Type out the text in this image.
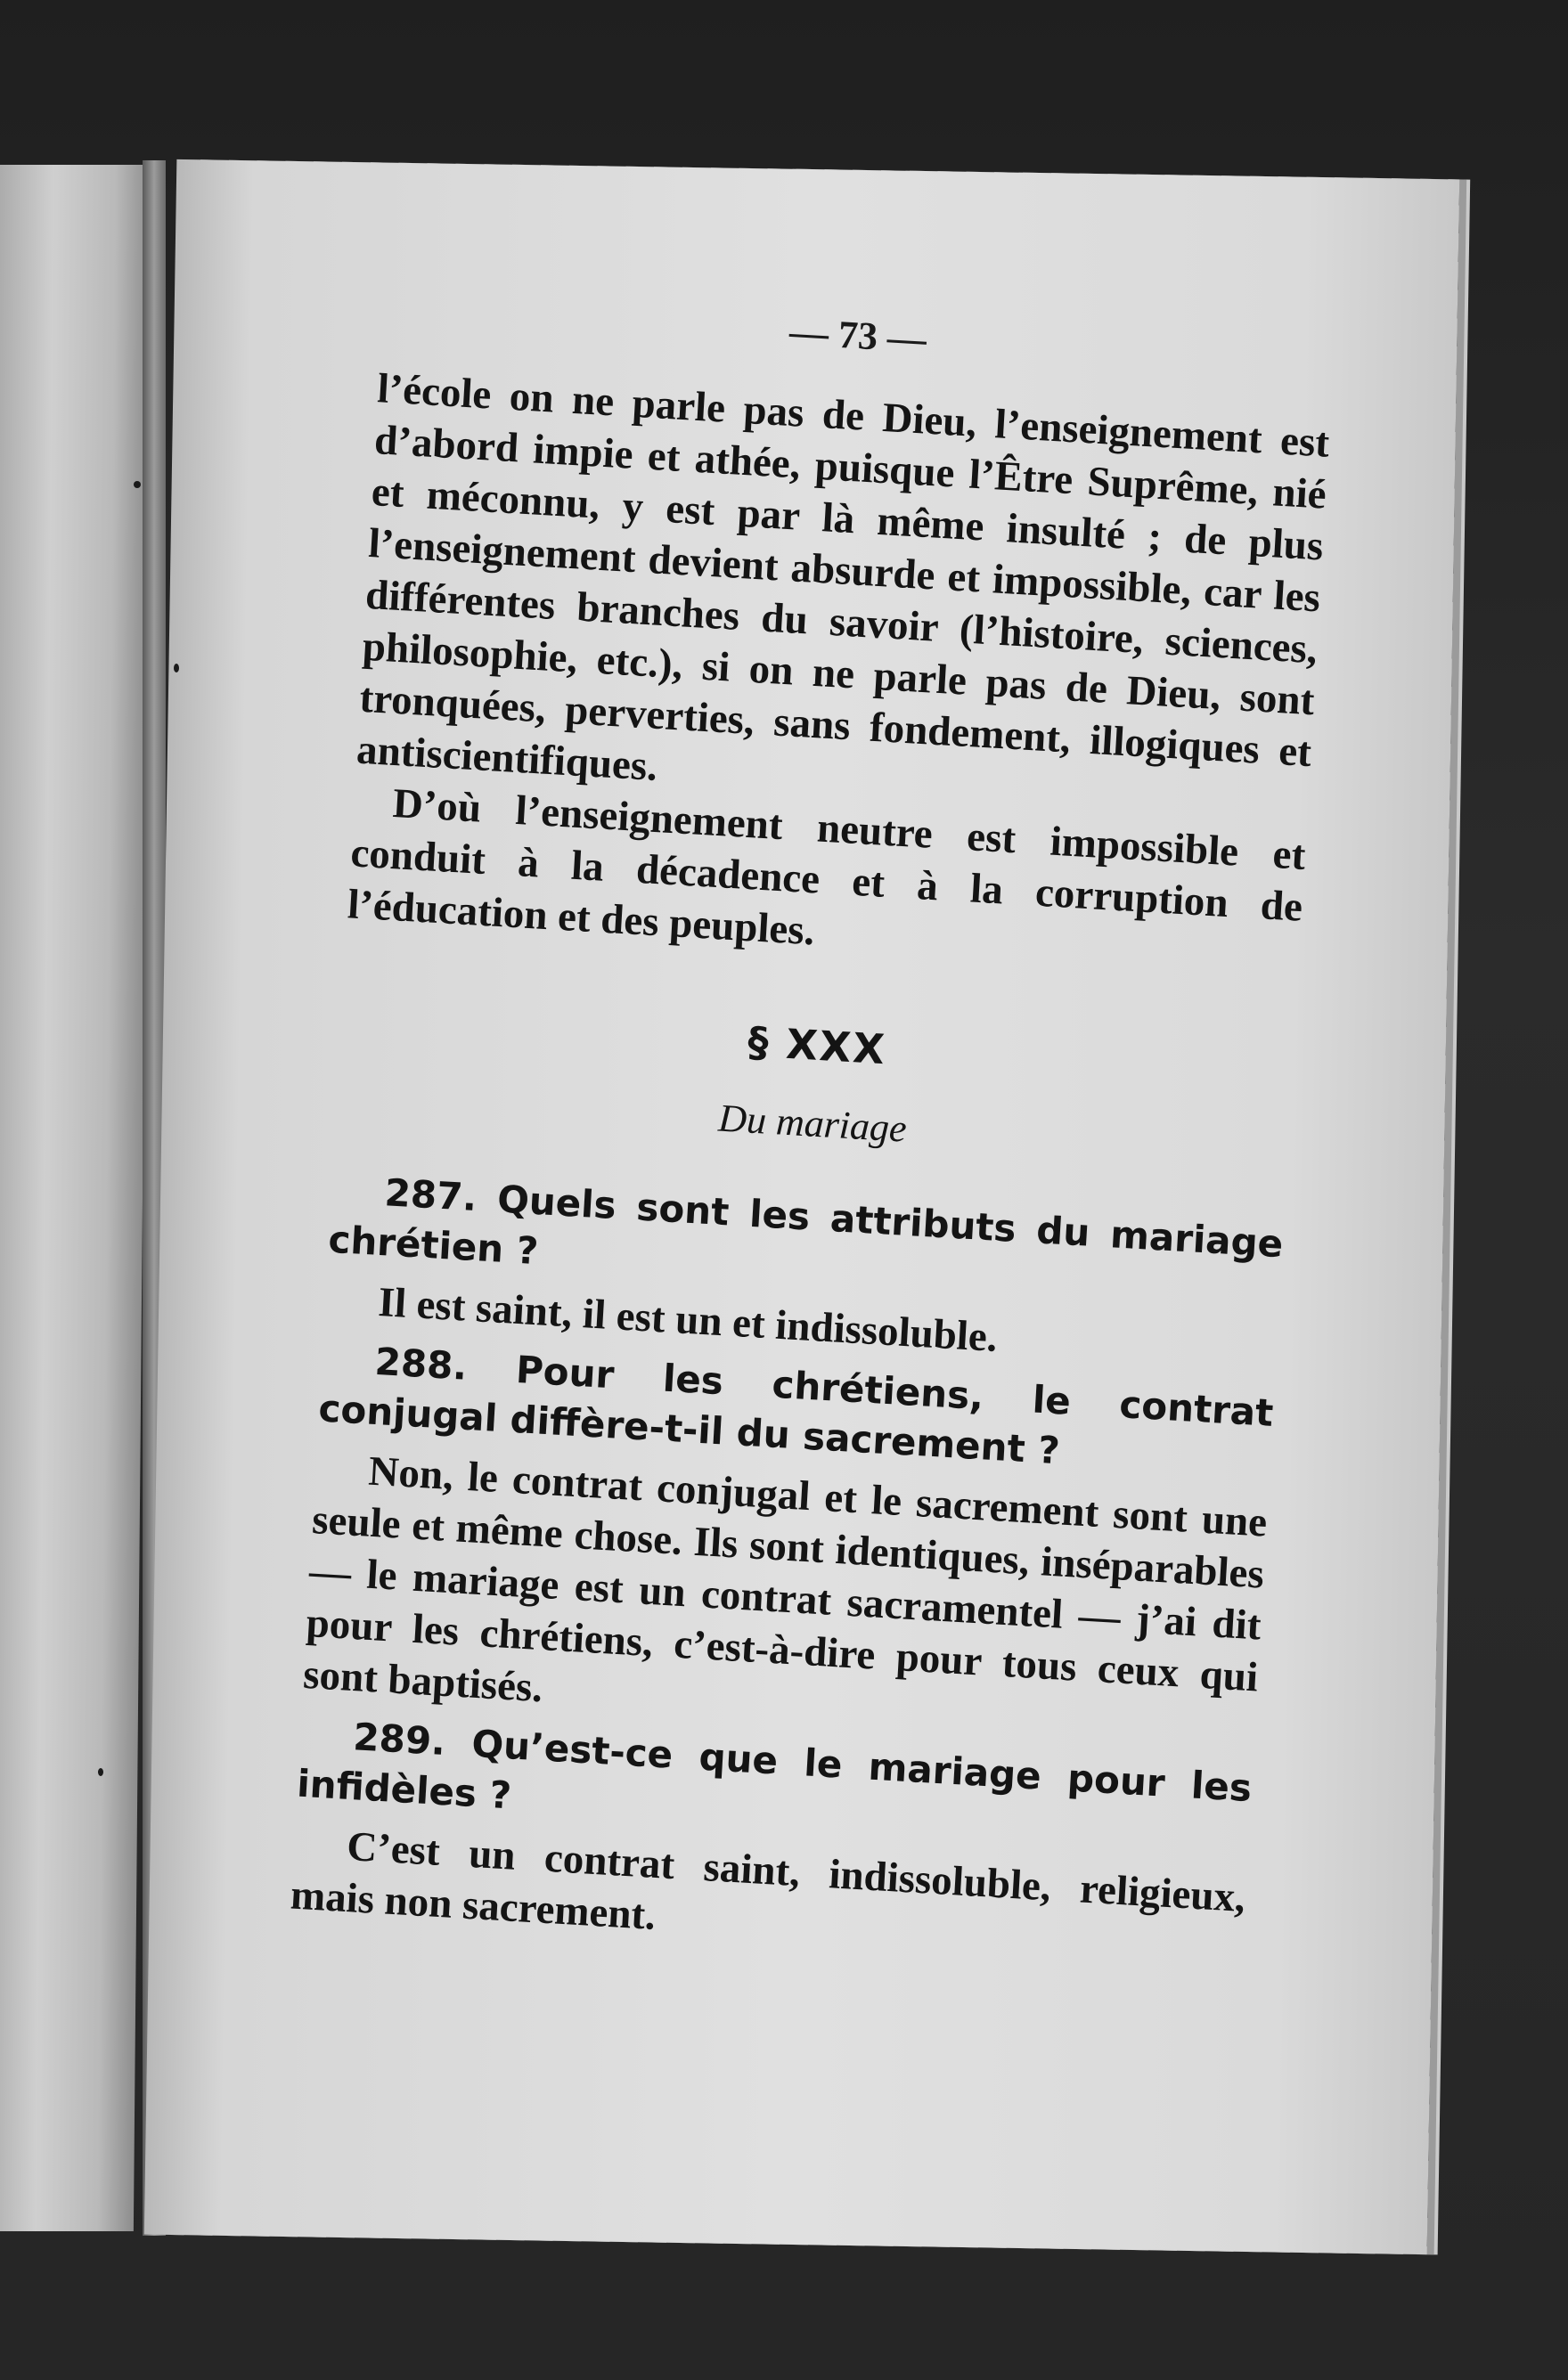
— 73 —

l’école on ne parle pas de Dieu, l’enseignement est d’abord impie et athée, puisque l’Être Suprême, nié et méconnu, y est par là même insulté ; de plus l’enseignement devient absurde et impossible, car les différentes branches du savoir (l’histoire, sciences, philosophie, etc.), si on ne parle pas de Dieu, sont tronquées, perverties, sans fondement, illogiques et antiscientifiques.

D’où l’enseignement neutre est impossible et conduit à la décadence et à la corruption de l’éducation et des peuples.

§ XXX

Du mariage

287. Quels sont les attributs du mariage chrétien ?

Il est saint, il est un et indissoluble.

288. Pour les chrétiens, le contrat conjugal diffère-t-il du sacrement ?

Non, le contrat conjugal et le sacrement sont une seule et même chose. Ils sont identiques, inséparables — le mariage est un contrat sacramentel — j’ai dit pour les chrétiens, c’est-à-dire pour tous ceux qui sont baptisés.

289. Qu’est-ce que le mariage pour les infidèles ?

C’est un contrat saint, indissoluble, religieux, mais non sacrement.
